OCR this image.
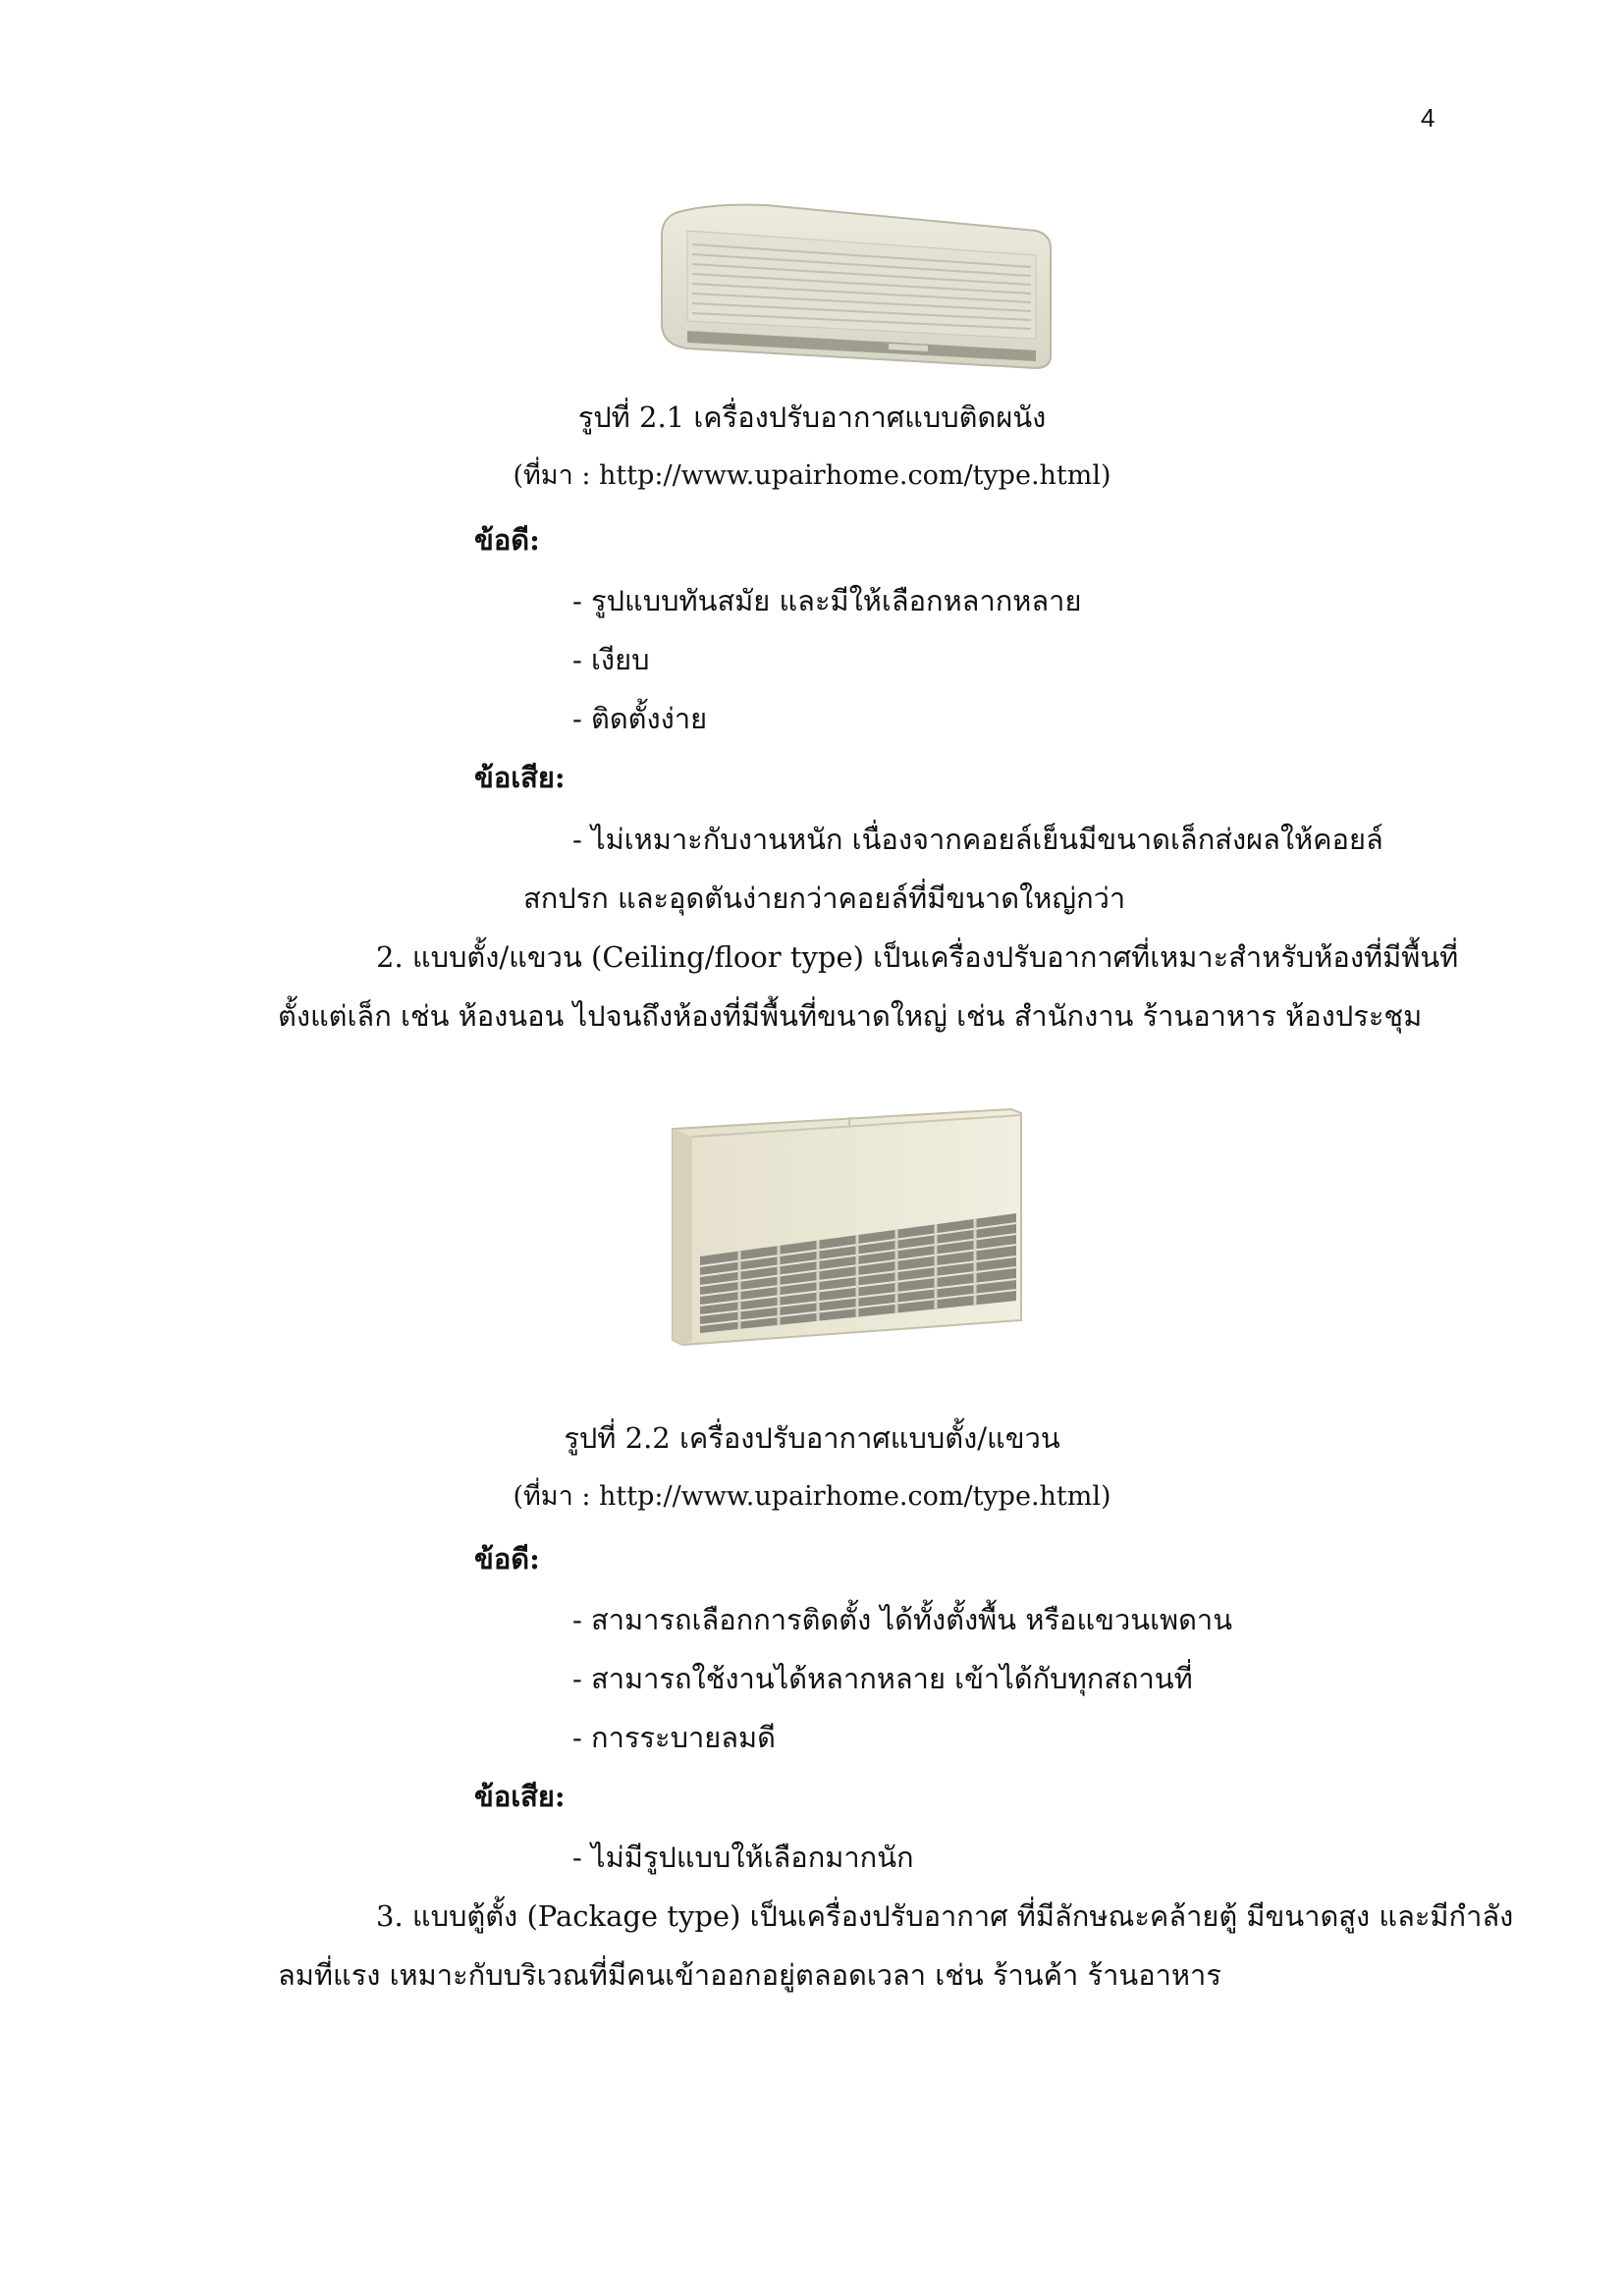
4
รูปที่ 2.1 เครื่องปรับอากาศแบบติดผนัง
(ที่มา : http://www.upairhome.com/type.html)
ข้อดี:
- รูปแบบทันสมัย และมีให้เลือกหลากหลาย
- เงียบ
- ติดตั้งง่าย
ข้อเสีย:
- ไม่เหมาะกับงานหนัก เนื่องจากคอยล์เย็นมีขนาดเล็กส่งผลให้คอยล์
สกปรก และอุดตันง่ายกว่าคอยล์ที่มีขนาดใหญ่กว่า
2. แบบตั้ง/แขวน (Ceiling/floor type) เป็นเครื่องปรับอากาศที่เหมาะสำหรับห้องที่มีพื้นที่
ตั้งแต่เล็ก เช่น ห้องนอน ไปจนถึงห้องที่มีพื้นที่ขนาดใหญ่ เช่น สำนักงาน ร้านอาหาร ห้องประชุม
รูปที่ 2.2 เครื่องปรับอากาศแบบตั้ง/แขวน
(ที่มา : http://www.upairhome.com/type.html)
ข้อดี:
- สามารถเลือกการติดตั้ง ได้ทั้งตั้งพื้น หรือแขวนเพดาน
- สามารถใช้งานได้หลากหลาย เข้าได้กับทุกสถานที่
- การระบายลมดี
ข้อเสีย:
- ไม่มีรูปแบบให้เลือกมากนัก
3. แบบตู้ตั้ง (Package type) เป็นเครื่องปรับอากาศ ที่มีลักษณะคล้ายตู้ มีขนาดสูง และมีกำลัง
ลมที่แรง เหมาะกับบริเวณที่มีคนเข้าออกอยู่ตลอดเวลา เช่น ร้านค้า ร้านอาหาร
